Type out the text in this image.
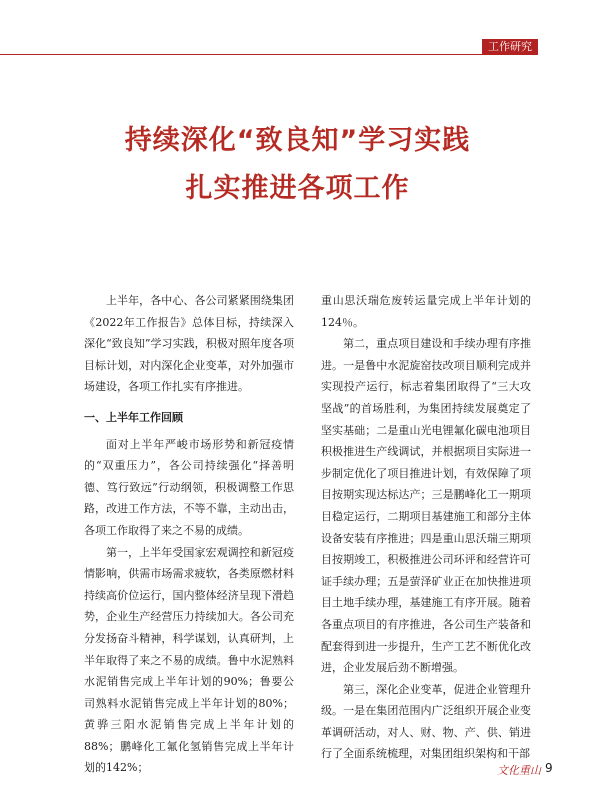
工作研究
持续深化“致良知”学习实践
扎实推进各项工作

上半年，各中心、各公司紧紧围绕集团《2022年工作报告》总体目标，持续深入深化“致良知”学习实践，积极对照年度各项目标计划，对内深化企业变革，对外加强市场建设，各项工作扎实有序推进。

一、上半年工作回顾

面对上半年严峻市场形势和新冠疫情的“双重压力”，各公司持续强化“择善明德、笃行致远”行动纲领，积极调整工作思路，改进工作方法，不等不靠，主动出击，各项工作取得了来之不易的成绩。

第一，上半年受国家宏观调控和新冠疫情影响，供需市场需求疲软，各类原燃材料持续高价位运行，国内整体经济呈现下滑趋势，企业生产经营压力持续加大。各公司充分发扬奋斗精神，科学谋划，认真研判，上半年取得了来之不易的成绩。鲁中水泥熟料水泥销售完成上半年计划的90%；鲁要公司熟料水泥销售完成上半年计划的80%；黄骅三阳水泥销售完成上半年计划的88%；鹏峰化工氟化氢销售完成上半年计划的142%；

重山思沃瑞危废转运量完成上半年计划的124％。

第二，重点项目建设和手续办理有序推进。一是鲁中水泥旋窑技改项目顺利完成并实现投产运行，标志着集团取得了“三大攻坚战”的首场胜利，为集团持续发展奠定了坚实基础；二是重山光电锂氟化碳电池项目积极推进生产线调试，并根据项目实际进一步制定优化了项目推进计划，有效保障了项目按期实现达标达产；三是鹏峰化工一期项目稳定运行，二期项目基建施工和部分主体设备安装有序推进；四是重山思沃瑞三期项目按期竣工，积极推进公司环评和经营许可证手续办理；五是萤泽矿业正在加快推进项目土地手续办理，基建施工有序开展。随着各重点项目的有序推进，各公司生产装备和配套得到进一步提升，生产工艺不断优化改进，企业发展后劲不断增强。

第三，深化企业变革，促进企业管理升级。一是在集团范围内广泛组织开展企业变革调研活动，对人、财、物、产、供、销进行了全面系统梳理，对集团组织架构和干部

文化重山 9
